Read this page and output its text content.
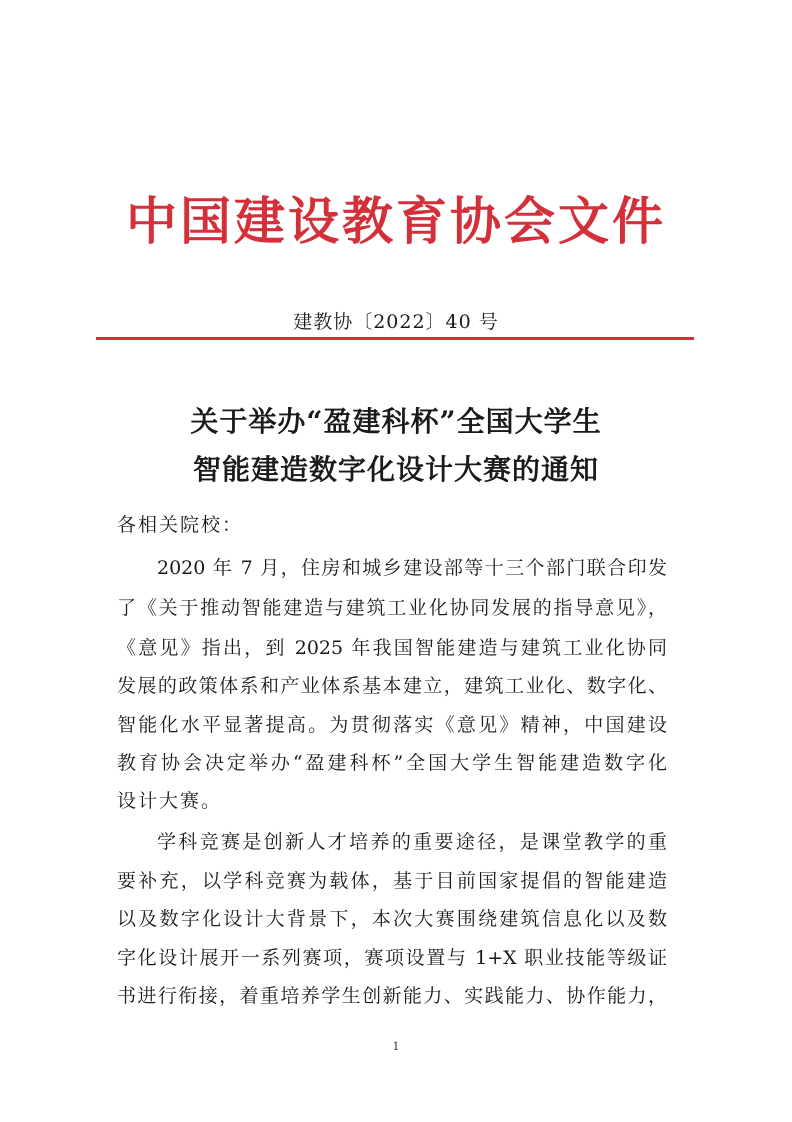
中国建设教育协会文件
建教协〔2022〕40 号
关于举办“盈建科杯”全国大学生
智能建造数字化设计大赛的通知
各相关院校：
2020 年 7 月，住房和城乡建设部等十三个部门联合印发
了《关于推动智能建造与建筑工业化协同发展的指导意见》，
《意见》指出，到 2025 年我国智能建造与建筑工业化协同
发展的政策体系和产业体系基本建立，建筑工业化、数字化、
智能化水平显著提高。为贯彻落实《意见》精神，中国建设
教育协会决定举办“盈建科杯”全国大学生智能建造数字化
设计大赛。
学科竞赛是创新人才培养的重要途径，是课堂教学的重
要补充，以学科竞赛为载体，基于目前国家提倡的智能建造
以及数字化设计大背景下，本次大赛围绕建筑信息化以及数
字化设计展开一系列赛项，赛项设置与 1+X 职业技能等级证
书进行衔接，着重培养学生创新能力、实践能力、协作能力，
1
